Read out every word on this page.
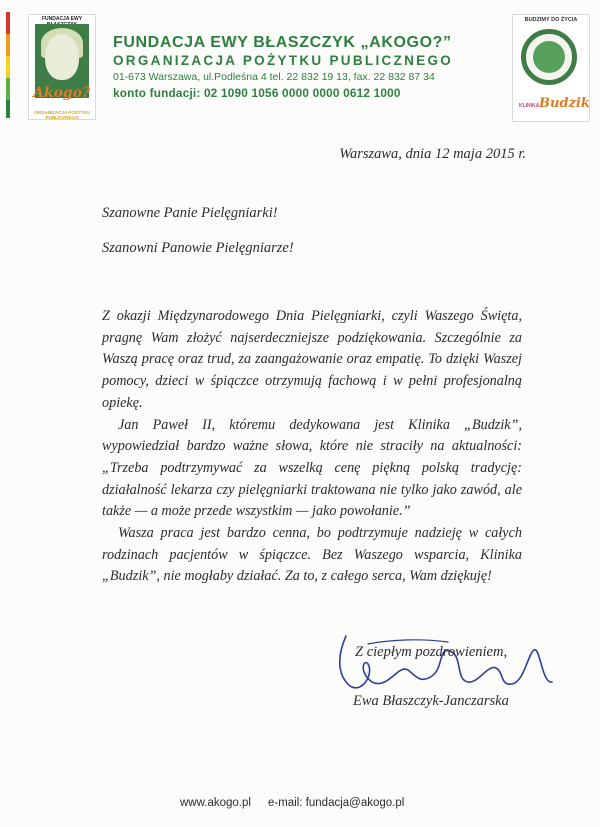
FUNDACJA EWY
Akogo?
ORGANIZACJA POŻYTKU PUBLICZNEGO
FUNDACJA EWY BŁASZCZYK „AKOGO?”
ORGANIZACJA POŻYTKU PUBLICZNEGO
01-673 Warszawa, ul.Podleśna 4 tel. 22 832 19 13, fax. 22 832 87 34
konto fundacji: 02 1090 1056 0000 0000 0612 1000
BUDZIMY DO ŻYCIA
KLINIKA Budzik
Warszawa, dnia 12 maja 2015 r.
Szanowne Panie Pielęgniarki!
Szanowni Panowie Pielęgniarze!

Z okazji Międzynarodowego Dnia Pielęgniarki, czyli Waszego Święta, pragnę Wam złożyć najserdeczniejsze podziękowania. Szczególnie za Waszą pracę oraz trud, za zaangażowanie oraz empatię. To dzięki Waszej pomocy, dzieci w śpiączce otrzymują fachową i w pełni profesjonalną opiekę.

Jan Paweł II, któremu dedykowana jest Klinika „Budzik”, wypowiedział bardzo ważne słowa, które nie straciły na aktualności: „Trzeba podtrzymywać za wszelką cenę piękną polską tradycję: działalność lekarza czy pielęgniarki traktowana nie tylko jako zawód, ale także — a może przede wszystkim — jako powołanie.”

Wasza praca jest bardzo cenna, bo podtrzymuje nadzieję w całych rodzinach pacjentów w śpiączce. Bez Waszego wsparcia, Klinika „Budzik”, nie mogłaby działać. Za to, z całego serca, Wam dziękuję!

Z ciepłym pozdrowieniem,
Ewa Błaszczyk-Janczarska
www.akogo.pl e-mail: fundacja@akogo.pl
